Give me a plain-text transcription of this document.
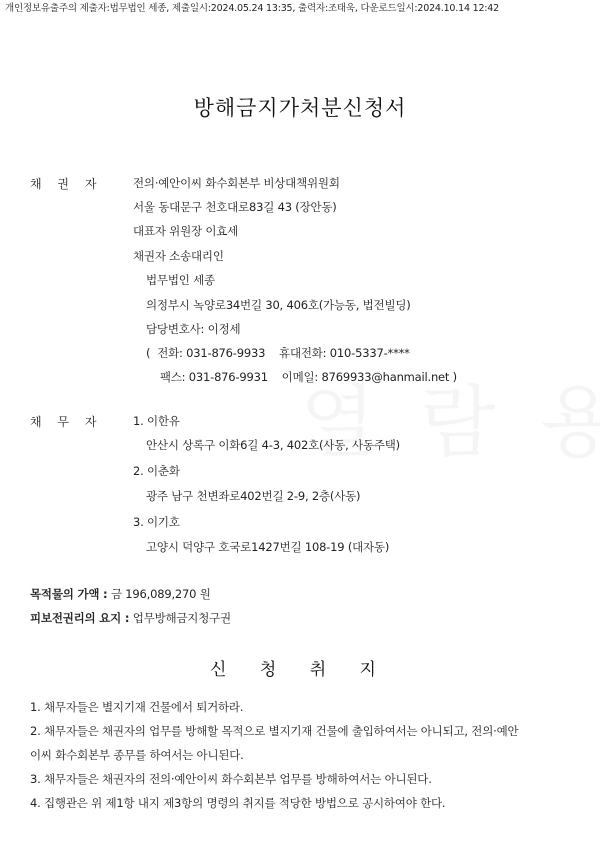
개인정보유출주의 제출자:법무법인 세종, 제출일시:2024.05.24 13:35, 출력자:조태욱, 다운로드일시:2024.10.14 12:42
방해금지가처분신청서
채 권 자	전의·예안이씨 화수회본부 비상대책위원회
서울 동대문구 천호대로83길 43 (장안동)
대표자 위원장 이효세
채권자 소송대리인
법무법인 세종
의정부시 녹양로34번길 30, 406호(가능동, 법전빌딩)
담당변호사: 이정세
(  전화: 031-876-9933    휴대전화: 010-5337-****
팩스: 031-876-9931    이메일: 8769933@hanmail.net )
채 무 자	1. 이한유
안산시 상록구 이화6길 4-3, 402호(사동, 사동주택)
2. 이춘화
광주 남구 천변좌로402번길 2-9, 2층(사동)
3. 이기호
고양시 덕양구 호국로1427번길 108-19 (대자동)
목적물의 가액 : 금 196,089,270 원
피보전권리의 요지 : 업무방해금지청구권
신 청 취 지
1. 채무자들은 별지기재 건물에서 퇴거하라.
2. 채무자들은 채권자의 업무를 방해할 목적으로 별지기재 건물에 출입하여서는 아니되고, 전의·예안
이씨 화수회본부 종무를 하여서는 아니된다.
3. 채무자들은 채권자의 전의·예안이씨 화수회본부 업무를 방해하여서는 아니된다.
4. 집행관은 위 제1항 내지 제3항의 명령의 취지를 적당한 방법으로 공시하여야 한다.
